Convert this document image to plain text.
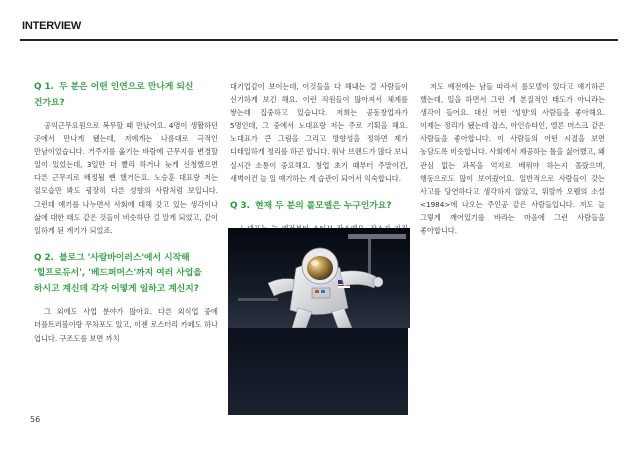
INTERVIEW
Q 1. 두 분은 어떤 인연으로 만나게 되신 건가요?
공익근무요원으로 복무할 때 만났어요. 4명이 생활하던 곳에서 만나게 됐는데, 저에게는 나름대로 극적인 만남이었습니다. 거주지를 옮기는 바람에 근무지를 변경할 일이 있었는데, 3일만 더 빨리 하거나 늦게 신청했으면 다른 근무지로 배정될 뻔 했거든요. 노승훈 대표랑 저는 겉모습만 봐도 굉장히 다른 성향의 사람처럼 보입니다. 그런데 얘기를 나누면서 사회에 대해 갖고 있는 생각이나 삶에 대한 태도 같은 것들이 비슷하단 걸 알게 되었고, 같이 일하게 된 계기가 되었죠.
Q 2. 블로그 '사람바이러스'에서 시작해 '힐프로듀서', '베드퍼머스'까지 여러 사업을 하시고 계신데 각자 어떻게 일하고 계신지?
그 외에도 사업 분야가 많아요. 다른 외식업 중에 더플트러블이랑 무차포도 있고, 이젠 로스터리 카페도 하나 엽니다. 구조도를 보면 까치
대기업같이 보이는데, 이것들을 다 해내는 걸 사람들이 신기하게 보긴 해요. 이런 직원들이 많아져서 체계를 쌓는데 집중하고 있습니다. 저희는 공동창업자가 5명인데, 그 중에서 노대표랑 저는 주로 기획을 해요. 노대표가 큰 그림을 그리고 방향성을 정하면 제가 디테일하게 정리를 하곤 합니다. 워낙 브랜드가 많다 보니 실시간 소통이 중요해요. 창업 초기 때부터 주말이건, 새벽이건 늘 일 얘기하는 게 습관이 되어서 익숙합니다.
Q 3. 현재 두 분의 롤모델은 누구인가요?
저도 예전에는 남들 따라서 롤모델이 있다고 얘기하곤 했는데, 일을 하면서 그런 게 본질적인 태도가 아니라는 생각이 들어요. 대신 어떤 '성향'의 사람들을 좋아해요. 이제는 정리가 됐는데 잡스, 아인슈타인, 엘론 머스크 같은 사람들을 좋아합니다. 이 사람들의 어떤 시절을 보면 농담도록 비슷합니다. 사회에서 제공하는 틀을 싫어했고, 왜 관심 없는 과목을 억지로 배워야 하는지 몰랐으며, 행동으로도 많이 보여줬어요. 일반적으로 사람들이 갖는 사고를 당연하다고 생각하지 않았고, 뭐랄까 오웰의 소설 <1984>에 나오는 주인공 같은 사람들입니다. 저도 늘 그렇게 깨어있기를 바라는 마음에 그런 사람들을 좋아합니다.
56
